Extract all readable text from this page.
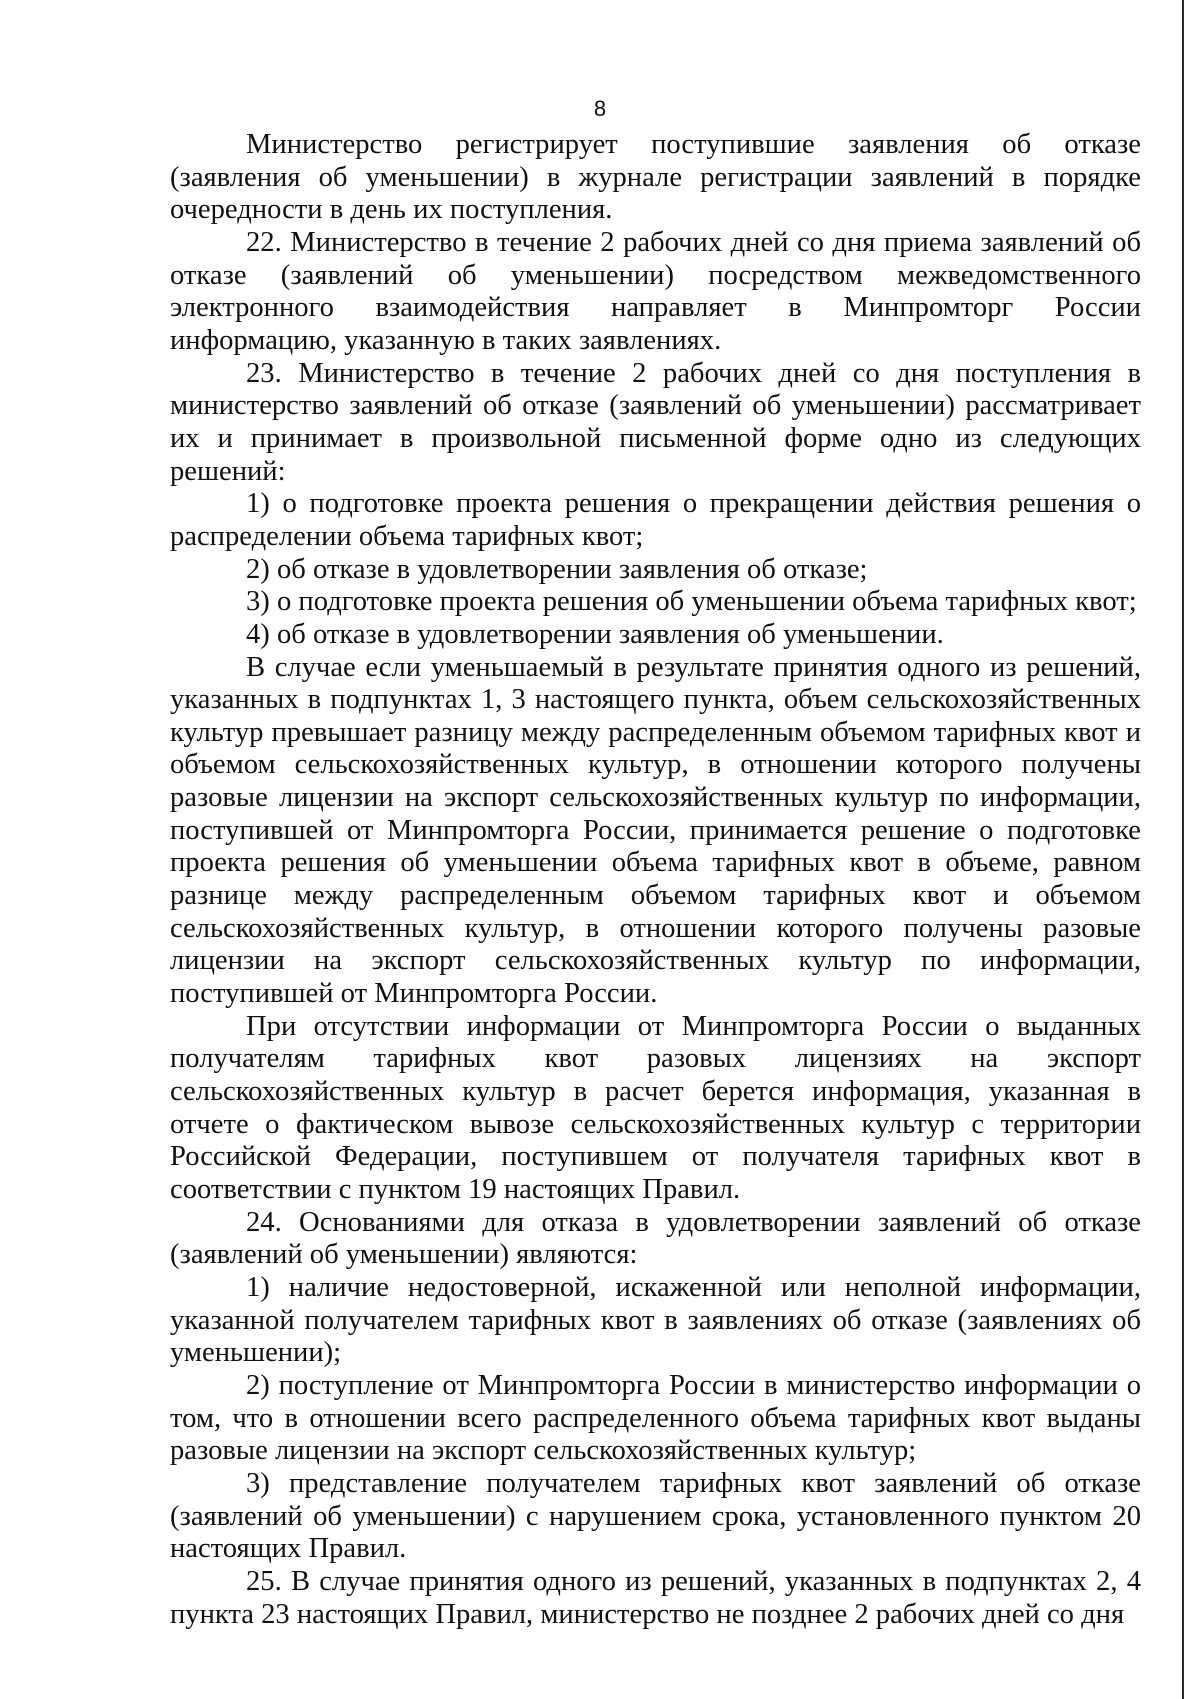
8

Министерство регистрирует поступившие заявления об отказе (заявления об уменьшении) в журнале регистрации заявлений в порядке очередности в день их поступления.

22. Министерство в течение 2 рабочих дней со дня приема заявлений об отказе (заявлений об уменьшении) посредством межведомственного электронного взаимодействия направляет в Минпромторг России информацию, указанную в таких заявлениях.

23. Министерство в течение 2 рабочих дней со дня поступления в министерство заявлений об отказе (заявлений об уменьшении) рассматривает их и принимает в произвольной письменной форме одно из следующих решений:

1) о подготовке проекта решения о прекращении действия решения о распределении объема тарифных квот;

2) об отказе в удовлетворении заявления об отказе;

3) о подготовке проекта решения об уменьшении объема тарифных квот;

4) об отказе в удовлетворении заявления об уменьшении.

В случае если уменьшаемый в результате принятия одного из решений, указанных в подпунктах 1, 3 настоящего пункта, объем сельскохозяйственных культур превышает разницу между распределенным объемом тарифных квот и объемом сельскохозяйственных культур, в отношении которого получены разовые лицензии на экспорт сельскохозяйственных культур по информации, поступившей от Минпромторга России, принимается решение о подготовке проекта решения об уменьшении объема тарифных квот в объеме, равном разнице между распределенным объемом тарифных квот и объемом сельскохозяйственных культур, в отношении которого получены разовые лицензии на экспорт сельскохозяйственных культур по информации, поступившей от Минпромторга России.

При отсутствии информации от Минпромторга России о выданных получателям тарифных квот разовых лицензиях на экспорт сельскохозяйственных культур в расчет берется информация, указанная в отчете о фактическом вывозе сельскохозяйственных культур с территории Российской Федерации, поступившем от получателя тарифных квот в соответствии с пунктом 19 настоящих Правил.

24. Основаниями для отказа в удовлетворении заявлений об отказе (заявлений об уменьшении) являются:

1) наличие недостоверной, искаженной или неполной информации, указанной получателем тарифных квот в заявлениях об отказе (заявлениях об уменьшении);

2) поступление от Минпромторга России в министерство информации о том, что в отношении всего распределенного объема тарифных квот выданы разовые лицензии на экспорт сельскохозяйственных культур;

3) представление получателем тарифных квот заявлений об отказе (заявлений об уменьшении) с нарушением срока, установленного пунктом 20 настоящих Правил.

25. В случае принятия одного из решений, указанных в подпунктах 2, 4 пункта 23 настоящих Правил, министерство не позднее 2 рабочих дней со дня
